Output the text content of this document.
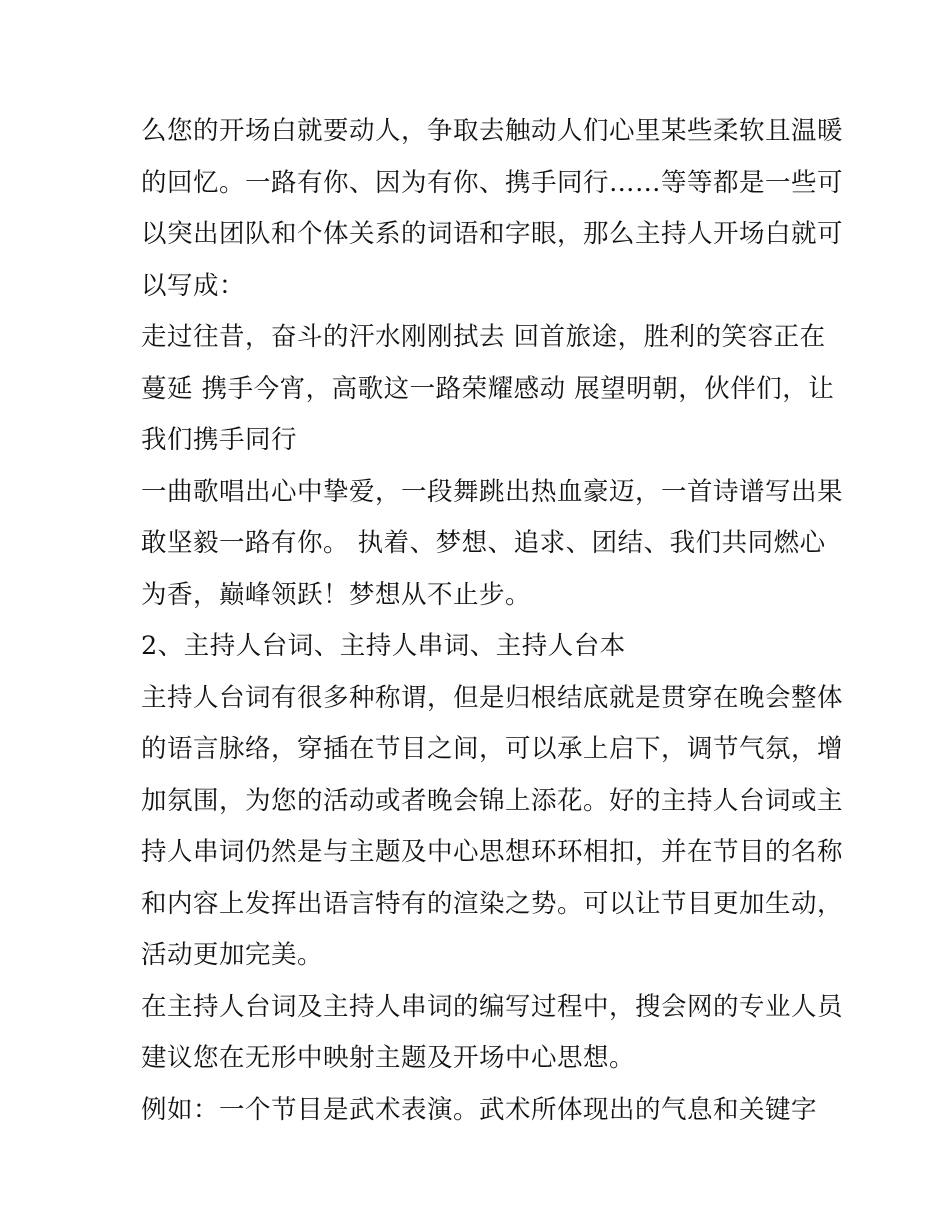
么您的开场白就要动人，争取去触动人们心里某些柔软且温暖
的回忆。一路有你、因为有你、携手同行……等等都是一些可
以突出团队和个体关系的词语和字眼，那么主持人开场白就可
以写成：
走过往昔，奋斗的汗水刚刚拭去 回首旅途，胜利的笑容正在
蔓延 携手今宵，高歌这一路荣耀感动 展望明朝，伙伴们，让
我们携手同行
一曲歌唱出心中挚爱，一段舞跳出热血豪迈，一首诗谱写出果
敢坚毅一路有你。 执着、梦想、追求、团结、我们共同燃心
为香，巅峰领跃！梦想从不止步。
2、主持人台词、主持人串词、主持人台本
主持人台词有很多种称谓，但是归根结底就是贯穿在晚会整体
的语言脉络，穿插在节目之间，可以承上启下，调节气氛，增
加氛围，为您的活动或者晚会锦上添花。好的主持人台词或主
持人串词仍然是与主题及中心思想环环相扣，并在节目的名称
和内容上发挥出语言特有的渲染之势。可以让节目更加生动，
活动更加完美。
在主持人台词及主持人串词的编写过程中，搜会网的专业人员
建议您在无形中映射主题及开场中心思想。
例如：一个节目是武术表演。武术所体现出的气息和关键字
